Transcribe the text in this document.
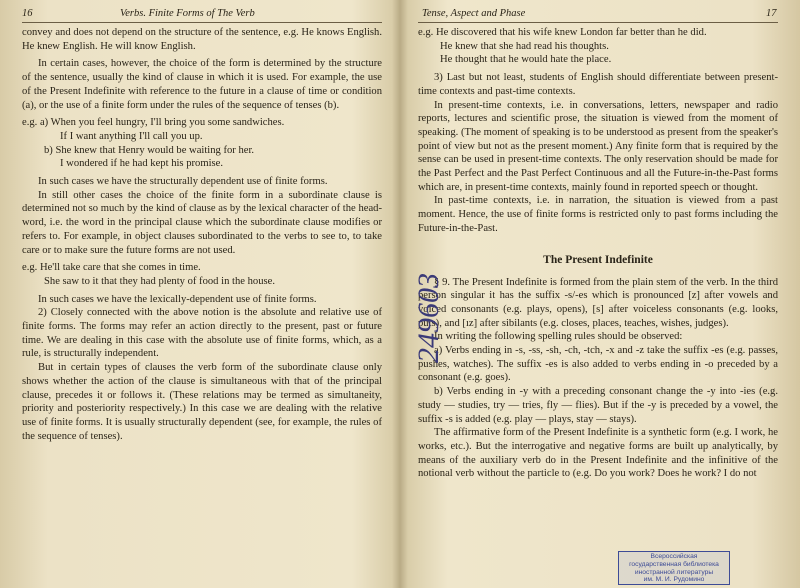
16	Verbs. Finite Forms of The Verb

convey and does not depend on the structure of the sentence, e.g. He knows English. He knew English. He will know English.

In certain cases, however, the choice of the form is determined by the structure of the sentence, usually the kind of clause in which it is used. For example, the use of the Present Indefinite with reference to the future in a clause of time or condition (a), or the use of a finite form under the rules of the sequence of tenses (b).

e.g. a) When you feel hungry, I'll bring you some sandwiches.

If I want anything I'll call you up.

b) She knew that Henry would be waiting for her.

I wondered if he had kept his promise.

In such cases we have the structurally dependent use of finite forms.

In still other cases the choice of the finite form in a subordinate clause is determined not so much by the kind of clause as by the lexical character of the head-word, i.e. the word in the principal clause which the subordinate clause modifies or refers to. For example, in object clauses subordinated to the verbs to see to, to take care or to make sure the future forms are not used.

e.g. He'll take care that she comes in time.

She saw to it that they had plenty of food in the house.

In such cases we have the lexically-dependent use of finite forms.

2) Closely connected with the above notion is the absolute and relative use of finite forms. The forms may refer an action directly to the present, past or future time. We are dealing in this case with the absolute use of finite forms, which, as a rule, is structurally independent.

But in certain types of clauses the verb form of the subordinate clause only shows whether the action of the clause is simultaneous with that of the principal clause, precedes it or follows it. (These relations may be termed as simultaneity, priority and posteriority respectively.) In this case we are dealing with the relative use of finite forms. It is usually structurally dependent (see, for example, the rules of the sequence of tenses).

Tense, Aspect and Phase	17

e.g. He discovered that his wife knew London far better than he did.

He knew that she had read his thoughts.

He thought that he would hate the place.

3) Last but not least, students of English should differentiate between present-time contexts and past-time contexts.

In present-time contexts, i.e. in conversations, letters, newspaper and radio reports, lectures and scientific prose, the situation is viewed from the moment of speaking. (The moment of speaking is to be understood as present from the speaker's point of view but not as the present moment.) Any finite form that is required by the sense can be used in present-time contexts. The only reservation should be made for the Past Perfect and the Past Perfect Continuous and all the Future-in-the-Past forms which are, in present-time contexts, mainly found in reported speech or thought.

In past-time contexts, i.e. in narration, the situation is viewed from a past moment. Hence, the use of finite forms is restricted only to past forms including the Future-in-the-Past.

The Present Indefinite

§ 9. The Present Indefinite is formed from the plain stem of the verb. In the third person singular it has the suffix -s/-es which is pronounced [z] after vowels and voiced consonants (e.g. plays, opens), [s] after voiceless consonants (e.g. looks, puts), and [ız] after sibilants (e.g. closes, places, teaches, wishes, judges).

In writing the following spelling rules should be observed:

a) Verbs ending in -s, -ss, -sh, -ch, -tch, -x and -z take the suffix -es (e.g. passes, pushes, watches). The suffix -es is also added to verbs ending in -o preceded by a consonant (e.g. goes).

b) Verbs ending in -y with a preceding consonant change the -y into -ies (e.g. study — studies, try — tries, fly — flies). But if the -y is preceded by a vowel, the suffix -s is added (e.g. play — plays, stay — stays).

The affirmative form of the Present Indefinite is a synthetic form (e.g. I work, he works, etc.). But the interrogative and negative forms are built up analytically, by means of the auxiliary verb do in the Present Indefinite and the infinitive of the notional verb without the particle to (e.g. Do you work? Does he work? I do not

249603
Всероссийская
государственная библиотека
иностранной литературы
им. М. И. Рудомино
